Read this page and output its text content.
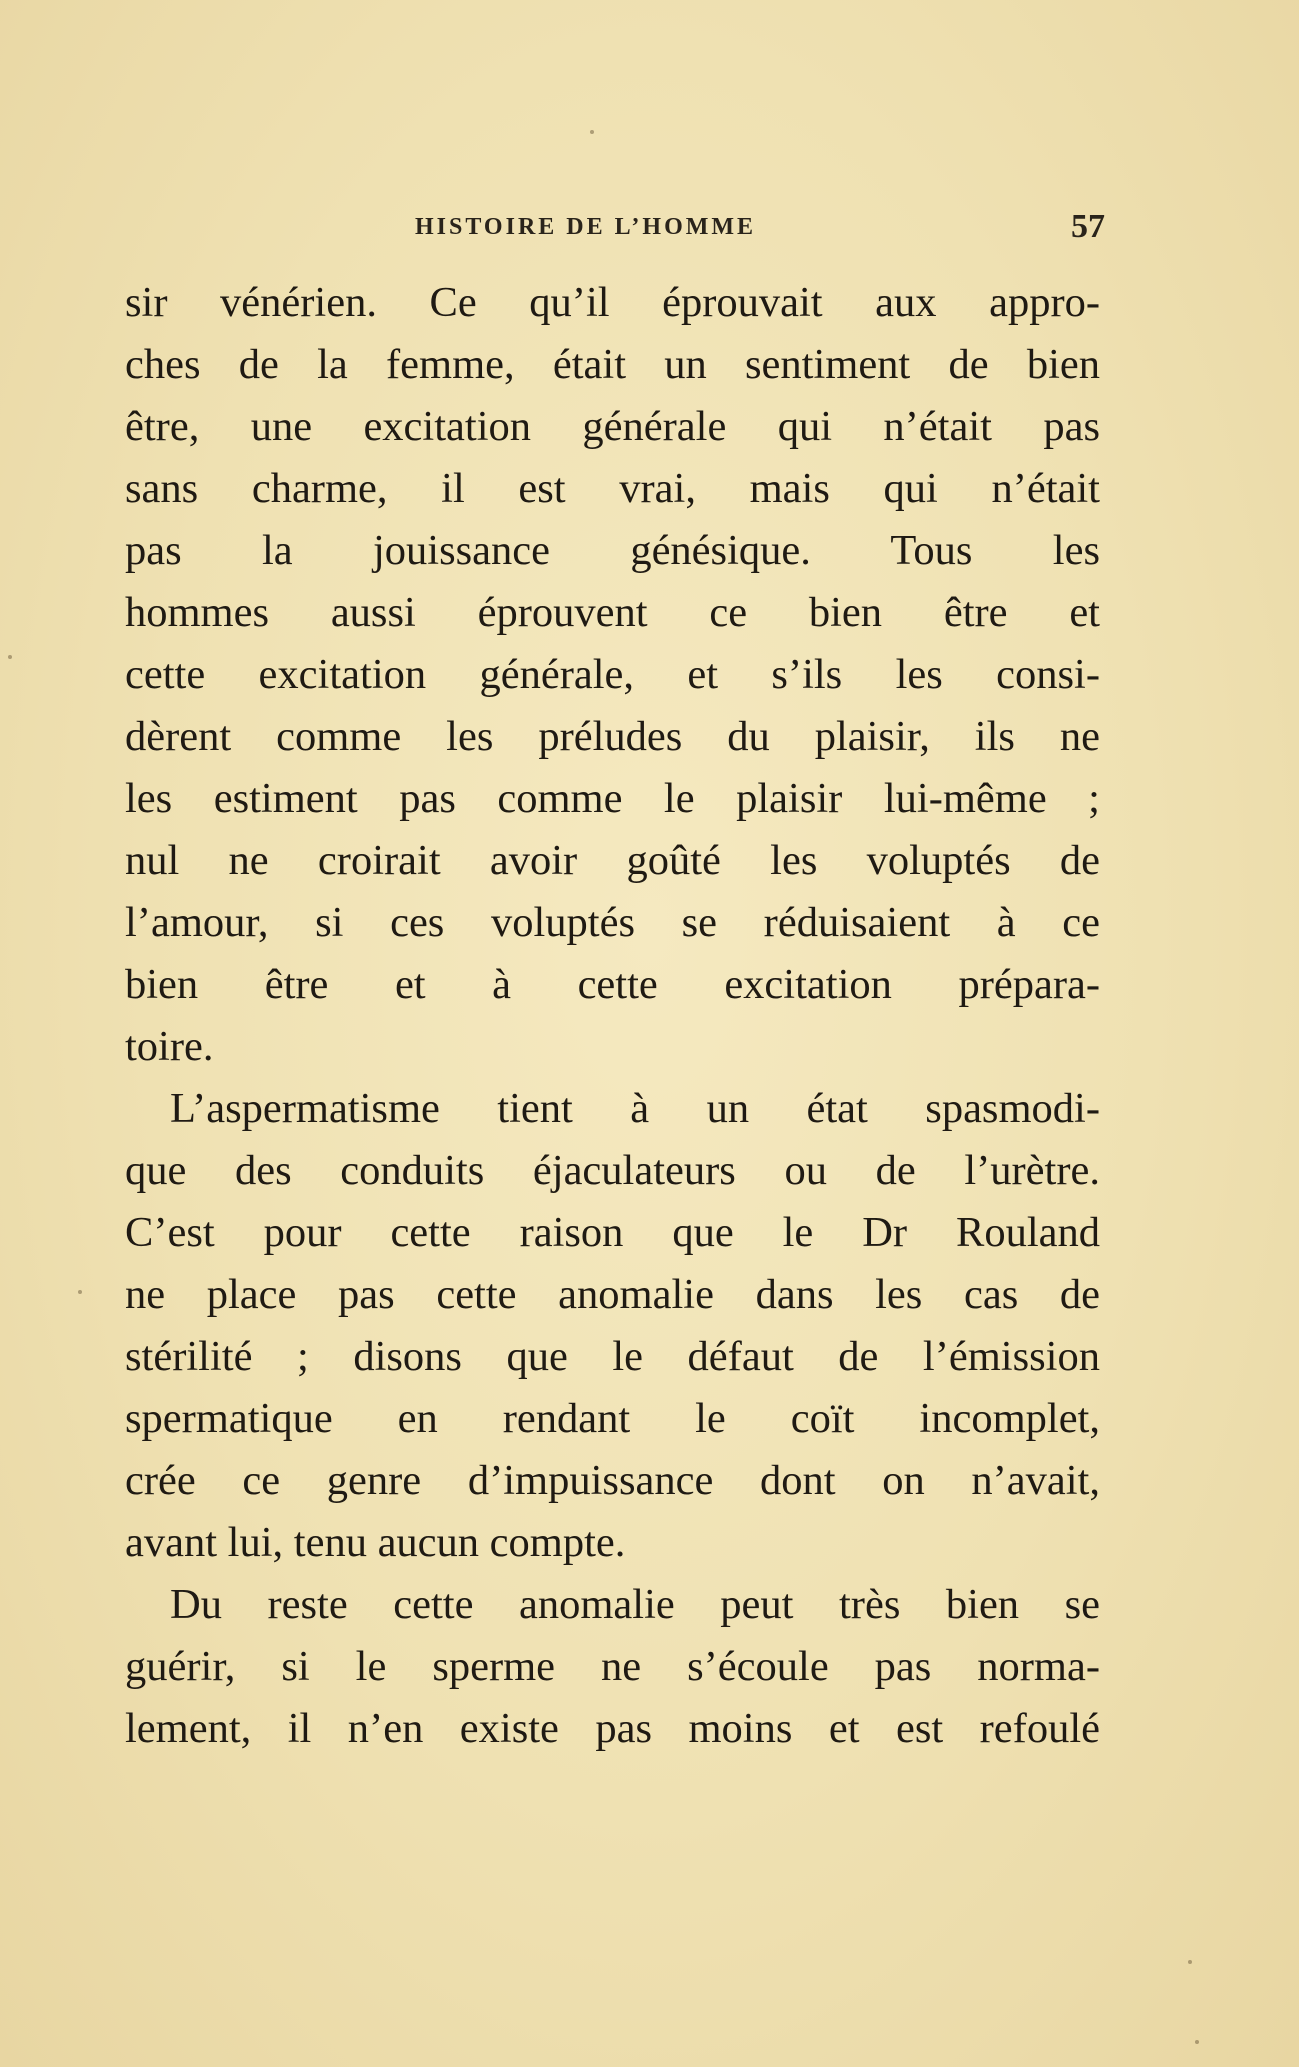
HISTOIRE DE L’HOMME	57
sir vénérien. Ce qu’il éprouvait aux appro-
ches de la femme, était un sentiment de bien
être, une excitation générale qui n’était pas
sans charme, il est vrai, mais qui n’était
pas la jouissance génésique. Tous les
hommes aussi éprouvent ce bien être et
cette excitation générale, et s’ils les consi-
dèrent comme les préludes du plaisir, ils ne
les estiment pas comme le plaisir lui-même ;
nul ne croirait avoir goûté les voluptés de
l’amour, si ces voluptés se réduisaient à ce
bien être et à cette excitation prépara-
toire.
L’aspermatisme tient à un état spasmodi-
que des conduits éjaculateurs ou de l’urètre.
C’est pour cette raison que le Dr Rouland
ne place pas cette anomalie dans les cas de
stérilité ; disons que le défaut de l’émission
spermatique en rendant le coït incomplet,
crée ce genre d’impuissance dont on n’avait,
avant lui, tenu aucun compte.
Du reste cette anomalie peut très bien se
guérir, si le sperme ne s’écoule pas norma-
lement, il n’en existe pas moins et est refoulé
